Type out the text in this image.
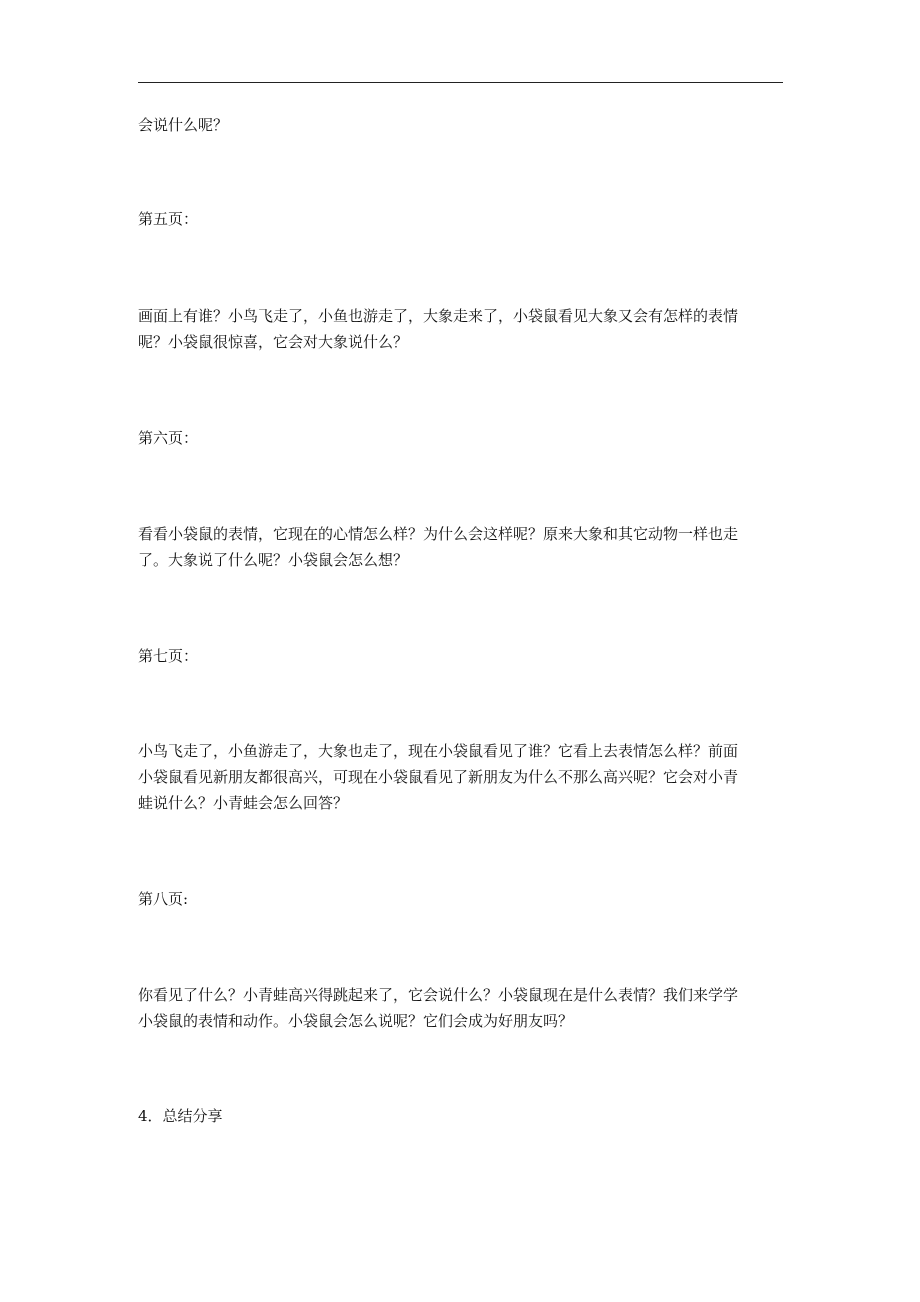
会说什么呢？

第五页：

画面上有谁？小鸟飞走了，小鱼也游走了，大象走来了，小袋鼠看见大象又会有怎样的表情

呢？小袋鼠很惊喜，它会对大象说什么？

第六页：

看看小袋鼠的表情，它现在的心情怎么样？为什么会这样呢？原来大象和其它动物一样也走

了。大象说了什么呢？小袋鼠会怎么想？

第七页：

小鸟飞走了，小鱼游走了，大象也走了，现在小袋鼠看见了谁？它看上去表情怎么样？前面

小袋鼠看见新朋友都很高兴，可现在小袋鼠看见了新朋友为什么不那么高兴呢？它会对小青

蛙说什么？小青蛙会怎么回答？

第八页:

你看见了什么？小青蛙高兴得跳起来了，它会说什么？小袋鼠现在是什么表情？我们来学学

小袋鼠的表情和动作。小袋鼠会怎么说呢？它们会成为好朋友吗？

4．总结分享
